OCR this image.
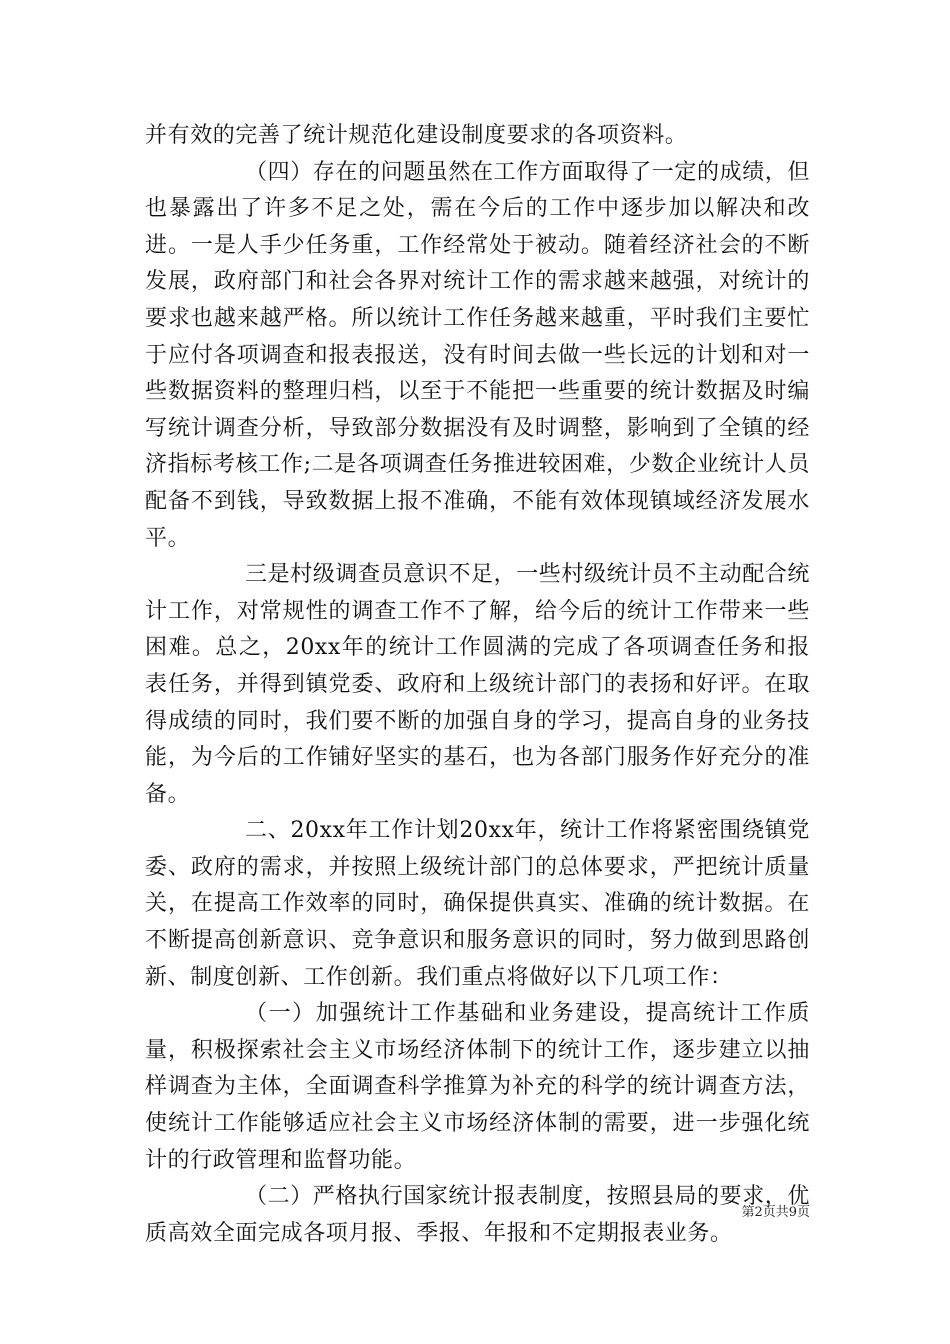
并有效的完善了统计规范化建设制度要求的各项资料。

（四）存在的问题虽然在工作方面取得了一定的成绩，但也暴露出了许多不足之处，需在今后的工作中逐步加以解决和改进。一是人手少任务重，工作经常处于被动。随着经济社会的不断发展，政府部门和社会各界对统计工作的需求越来越强，对统计的要求也越来越严格。所以统计工作任务越来越重，平时我们主要忙于应付各项调查和报表报送，没有时间去做一些长远的计划和对一些数据资料的整理归档，以至于不能把一些重要的统计数据及时编写统计调查分析，导致部分数据没有及时调整，影响到了全镇的经济指标考核工作;二是各项调查任务推进较困难，少数企业统计人员配备不到钱，导致数据上报不准确，不能有效体现镇域经济发展水平。

三是村级调查员意识不足，一些村级统计员不主动配合统计工作，对常规性的调查工作不了解，给今后的统计工作带来一些困难。总之，20xx年的统计工作圆满的完成了各项调查任务和报表任务，并得到镇党委、政府和上级统计部门的表扬和好评。在取得成绩的同时，我们要不断的加强自身的学习，提高自身的业务技能，为今后的工作铺好坚实的基石，也为各部门服务作好充分的准备。

二、20xx年工作计划20xx年，统计工作将紧密围绕镇党委、政府的需求，并按照上级统计部门的总体要求，严把统计质量关，在提高工作效率的同时，确保提供真实、准确的统计数据。在不断提高创新意识、竞争意识和服务意识的同时，努力做到思路创新、制度创新、工作创新。我们重点将做好以下几项工作：

（一）加强统计工作基础和业务建设，提高统计工作质量，积极探索社会主义市场经济体制下的统计工作，逐步建立以抽样调查为主体，全面调查科学推算为补充的科学的统计调查方法，使统计工作能够适应社会主义市场经济体制的需要，进一步强化统计的行政管理和监督功能。

（二）严格执行国家统计报表制度，按照县局的要求，优质高效全面完成各项月报、季报、年报和不定期报表业务。

第2页共9页
